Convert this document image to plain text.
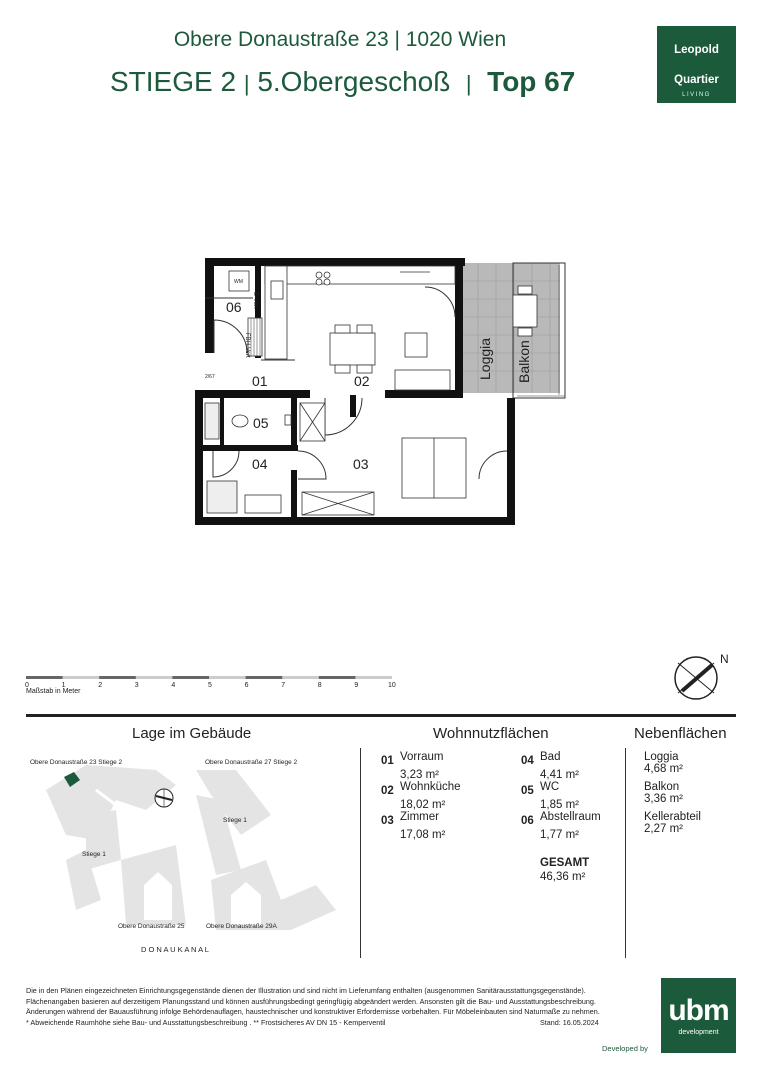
Obere Donaustraße 23 | 1020 Wien
STIEGE 2 | 5.Obergeschoß | Top 67
Leopold
Quartier
LIVING
06
01	02
05
04	03
2/67
WM
E-Vert
FBH-Vert	Loggia Balkon
0	1	2	3	4	5	6	7	8	9	10
Maßstab in Meter
N
Lage im Gebäude
Obere Donaustraße 23 Stiege 2	Obere Donaustraße 27 Stiege 2
Stiege 1
Stiege 1
Obere Donaustraße 25	Obere Donaustraße 29A
D O N A U K A N A L
Wohnnutzflächen
01 Vorraum
3,23 m²
02 Wohnküche
18,02 m²
03 Zimmer
17,08 m²
04 Bad
4,41 m²
05 WC
1,85 m²
06 Abstellraum
1,77 m²
GESAMT
46,36 m²
Nebenflächen
Loggia
4,68 m²
Balkon
3,36 m²
Kellerabteil
2,27 m²
Die in den Plänen eingezeichneten Einrichtungsgegenstände dienen der Illustration und sind nicht im Lieferumfang enthalten (ausgenommen Sanitärausstattungsgegenstände).
Flächenangaben basieren auf derzeitigem Planungsstand und können ausführungsbedingt geringfügig abgeändert werden. Ansonsten gilt die Bau- und Ausstattungsbeschreibung.
Änderungen während der Bauausführung infolge Behördenauflagen, haustechnischer und konstruktiver Erfordernisse vorbehalten. Für Möbeleinbauten sind Naturmaße zu nehmen.
* Abweichende Raumhöhe siehe Bau- und Ausstattungsbeschreibung . ** Frostsicheres AV DN 15 - Kemperventil	Stand: 16.05.2024 ubm
development
Developed by
